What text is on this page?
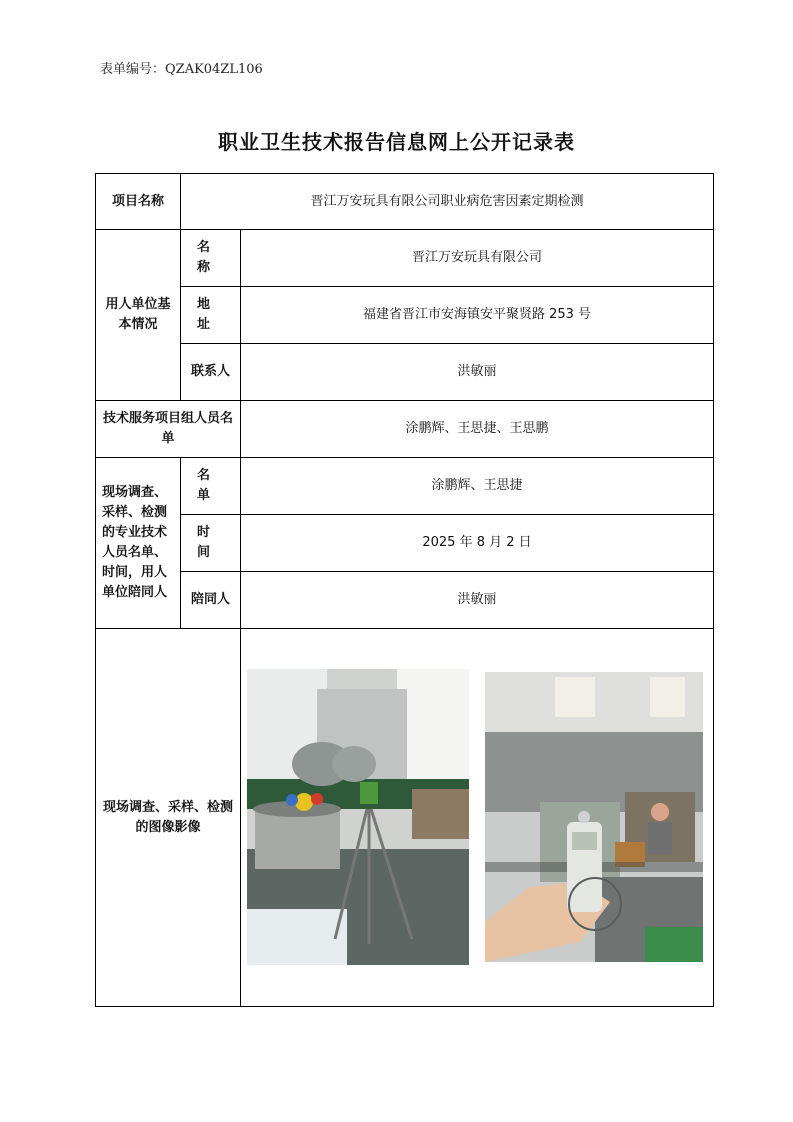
表单编号：QZAK04ZL106
职业卫生技术报告信息网上公开记录表
项目名称	晋江万安玩具有限公司职业病危害因素定期检测	
用人单位基本情况	名 称	晋江万安玩具有限公司
	地 址	福建省晋江市安海镇安平聚贤路 253 号
	联系人	洪敏丽
技术服务项目组人员名单		涂鹏辉、王思捷、王思鹏
现场调查、采样、检测的专业技术人员名单、时间，用人单位陪同人	名 单	涂鹏辉、王思捷
	时 间	2025 年 8 月 2 日
	陪同人	洪敏丽
现场调查、采样、检测的图像影像	
